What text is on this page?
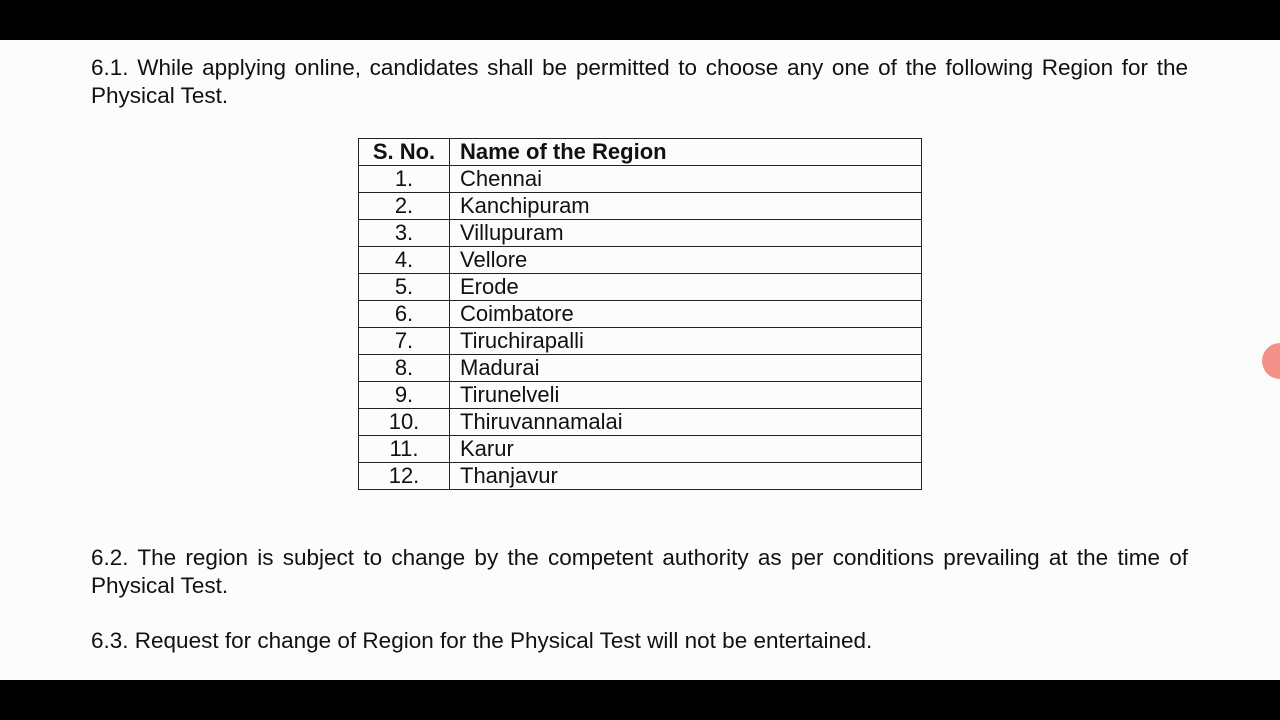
6.1. While applying online, candidates shall be permitted to choose any one of the following Region for the Physical Test.

S. No.	Name of the Region
1.	Chennai
2.	Kanchipuram
3.	Villupuram
4.	Vellore
5.	Erode
6.	Coimbatore
7.	Tiruchirapalli
8.	Madurai
9.	Tirunelveli
10.	Thiruvannamalai
11.	Karur
12.	Thanjavur

6.2. The region is subject to change by the competent authority as per conditions prevailing at the time of Physical Test.

6.3. Request for change of Region for the Physical Test will not be entertained.
